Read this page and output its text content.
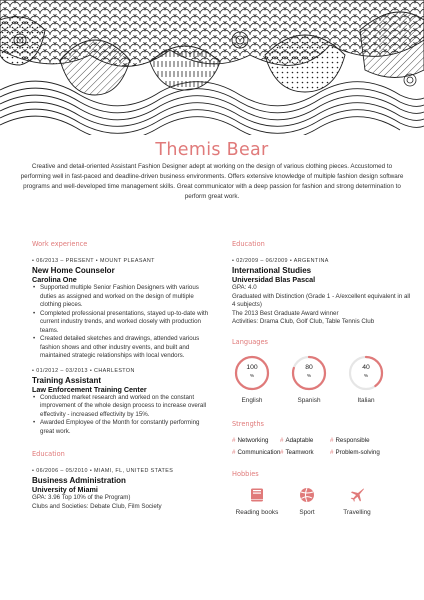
Themis Bear
Creative and detail-oriented Assistant Fashion Designer adept at working on the design of various clothing pieces. Accustomed to performing well in fast-paced and deadline-driven business environments. Offers extensive knowledge of multiple fashion design software programs and well-developed time management skills. Great communicator with a deep passion for fashion and strong determination to perform great work.
Work experience
• 06/2013 – PRESENT • MOUNT PLEASANT
New Home Counselor
Carolina One
• Supported multiple Senior Fashion Designers with various duties as assigned and worked on the design of multiple clothing pieces.
• Completed professional presentations, stayed up-to-date with current industry trends, and worked closely with production teams.
• Created detailed sketches and drawings, attended various fashion shows and other industry events, and built and maintained strategic relationships with local vendors.
• 01/2012 – 03/2013 • CHARLESTON
Training Assistant
Law Enforcement Training Center
• Conducted market research and worked on the constant improvement of the whole design process to increase overall effectivity - increased effectivity by 15%.
• Awarded Employee of the Month for constantly performing great work.
Education
• 06/2006 – 05/2010 • MIAMI, FL, UNITED STATES
Business Administration
University of Miami
GPA: 3.96 Top 10% of the Program)
Clubs and Societies: Debate Club, Film Society
Education
• 02/2009 – 06/2009 • ARGENTINA
International Studies
Universidad Blas Pascal
GPA: 4.0
Graduated with Distinction (Grade 1 - A/excellent equivalent in all 4 subjects)
The 2013 Best Graduate Award winner
Activities: Drama Club, Golf Club, Table Tennis Club
Languages
100
%
English
80
%
Spanish
40
%
Italian
Strengths
# Networking	# Adaptable	# Responsible
# Communication # Teamwork	# Problem-solving
Hobbies
Reading books	Sport	Travelling
